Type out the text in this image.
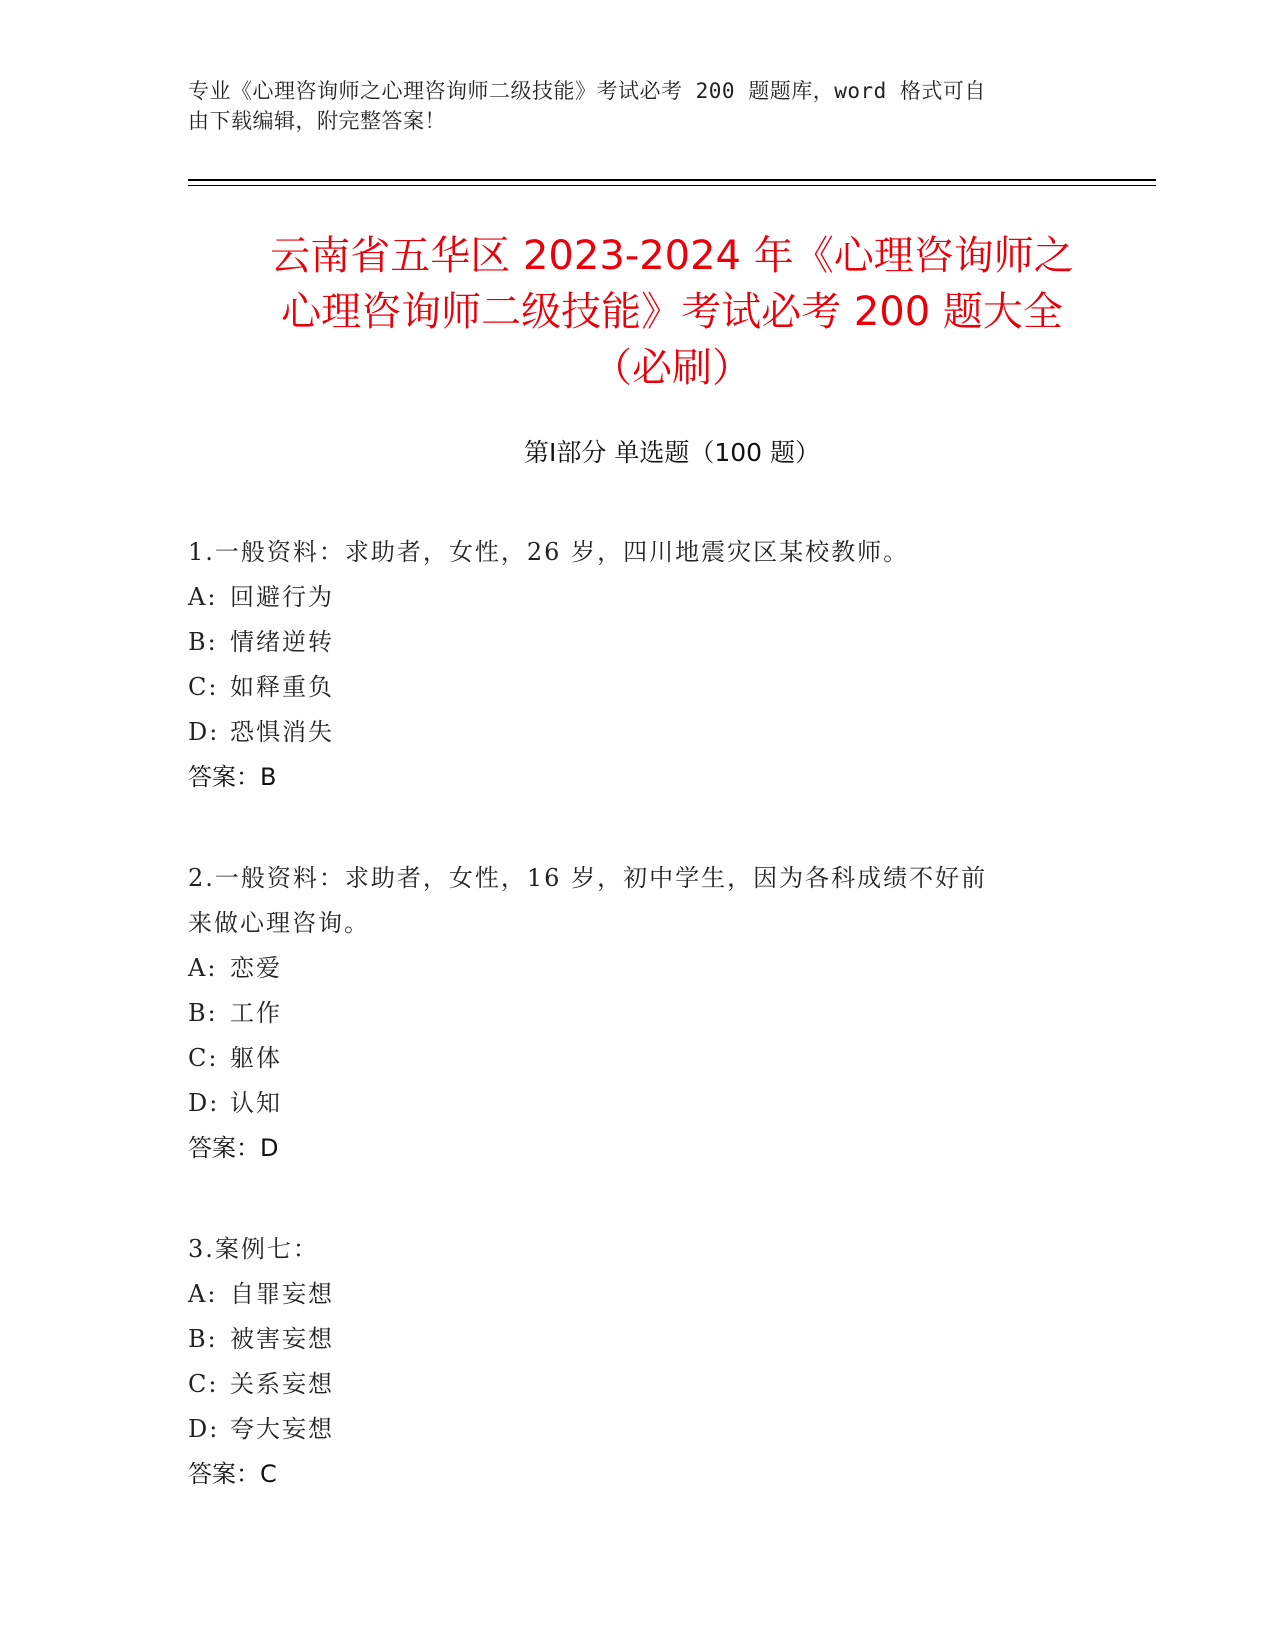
专业《心理咨询师之心理咨询师二级技能》考试必考 200 题题库，word 格式可自
由下载编辑，附完整答案！
云南省五华区 2023-2024 年《心理咨询师之
心理咨询师二级技能》考试必考 200 题大全
（必刷）
第Ⅰ部分 单选题（100 题）

1.一般资料：求助者，女性，26 岁，四川地震灾区某校教师。

A: 回避行为

B: 情绪逆转

C: 如释重负

D: 恐惧消失

答案：B

2.一般资料：求助者，女性，16 岁，初中学生，因为各科成绩不好前

来做心理咨询。

A: 恋爱

B: 工作

C: 躯体

D: 认知

答案：D

3.案例七：

A: 自罪妄想

B: 被害妄想

C: 关系妄想

D: 夸大妄想

答案：C
